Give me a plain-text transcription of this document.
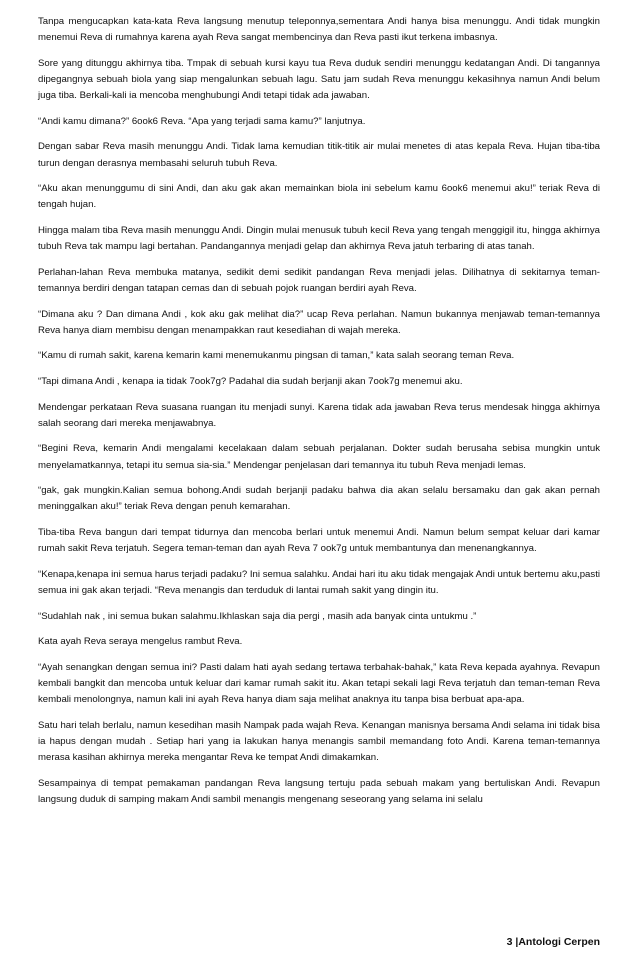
Tanpa mengucapkan kata-kata Reva langsung menutup teleponnya,sementara Andi hanya bisa menunggu. Andi tidak mungkin menemui Reva di rumahnya karena ayah Reva sangat membencinya dan Reva pasti ikut terkena imbasnya.

Sore yang ditunggu akhirnya tiba. Tmpak di sebuah kursi kayu tua Reva duduk sendiri menunggu kedatangan Andi. Di tangannya dipegangnya sebuah biola yang siap mengalunkan sebuah lagu. Satu jam sudah Reva menunggu kekasihnya namun Andi belum juga tiba. Berkali-kali ia mencoba menghubungi Andi tetapi tidak ada jawaban.

“Andi kamu dimana?” 6ook6 Reva. “Apa yang terjadi sama kamu?” lanjutnya.

Dengan sabar Reva masih menunggu Andi. Tidak lama kemudian titik-titik air mulai menetes di atas kepala Reva. Hujan tiba-tiba turun dengan derasnya membasahi seluruh tubuh Reva.

“Aku akan menunggumu di sini Andi, dan aku gak akan memainkan biola ini sebelum kamu 6ook6 menemui aku!” teriak Reva di tengah hujan.

Hingga malam tiba Reva masih menunggu Andi. Dingin mulai menusuk tubuh kecil Reva yang tengah menggigil itu, hingga akhirnya tubuh Reva tak mampu lagi bertahan. Pandangannya menjadi gelap dan akhirnya Reva jatuh terbaring di atas tanah.

Perlahan-lahan Reva membuka matanya, sedikit demi sedikit pandangan Reva menjadi jelas. Dilihatnya di sekitarnya teman-temannya berdiri dengan tatapan cemas dan di sebuah pojok ruangan berdiri ayah Reva.

“Dimana aku ? Dan dimana Andi , kok aku gak melihat dia?” ucap Reva perlahan. Namun bukannya menjawab teman-temannya Reva hanya diam membisu dengan menampakkan raut kesediahan di wajah mereka.

“Kamu di rumah sakit, karena kemarin kami menemukanmu pingsan di taman,” kata salah seorang teman Reva.

“Tapi dimana Andi , kenapa ia tidak 7ook7g? Padahal dia sudah berjanji akan 7ook7g menemui aku.

Mendengar perkataan Reva suasana ruangan itu menjadi sunyi. Karena tidak ada jawaban Reva terus mendesak hingga akhirnya salah seorang dari mereka menjawabnya.

“Begini Reva, kemarin Andi mengalami kecelakaan dalam sebuah perjalanan. Dokter sudah berusaha sebisa mungkin untuk menyelamatkannya, tetapi itu semua sia-sia.” Mendengar penjelasan dari temannya itu tubuh Reva menjadi lemas.

“gak, gak mungkin.Kalian semua bohong.Andi sudah berjanji padaku bahwa dia akan selalu bersamaku dan gak akan pernah meninggalkan aku!” teriak Reva dengan penuh kemarahan.

Tiba-tiba Reva bangun dari tempat tidurnya dan mencoba berlari untuk menemui Andi. Namun belum sempat keluar dari kamar rumah sakit Reva terjatuh. Segera teman-teman dan ayah Reva 7 ook7g untuk membantunya dan menenangkannya.

“Kenapa,kenapa ini semua harus terjadi padaku? Ini semua salahku. Andai hari itu aku tidak mengajak Andi untuk bertemu aku,pasti semua ini gak akan terjadi. “Reva menangis dan terduduk di lantai rumah sakit yang dingin itu.

“Sudahlah nak , ini semua bukan salahmu.Ikhlaskan saja dia pergi , masih ada banyak cinta untukmu .”

Kata ayah Reva seraya mengelus rambut Reva.

“Ayah senangkan dengan semua ini? Pasti dalam hati ayah sedang tertawa terbahak-bahak,” kata Reva kepada ayahnya. Revapun kembali bangkit dan mencoba untuk keluar dari kamar rumah sakit itu. Akan tetapi sekali lagi Reva terjatuh dan teman-teman Reva kembali menolongnya, namun kali ini ayah Reva hanya diam saja melihat anaknya itu tanpa bisa berbuat apa-apa.

Satu hari telah berlalu, namun kesedihan masih Nampak pada wajah Reva. Kenangan manisnya bersama Andi selama ini tidak bisa ia hapus dengan mudah . Setiap hari yang ia lakukan hanya menangis sambil memandang foto Andi. Karena teman-temannya merasa kasihan akhirnya mereka mengantar Reva ke tempat Andi dimakamkan.

Sesampainya di tempat pemakaman pandangan Reva langsung tertuju pada sebuah makam yang bertuliskan Andi. Revapun langsung duduk di samping makam Andi sambil menangis mengenang seseorang yang selama ini selalu

3 |Antologi Cerpen
